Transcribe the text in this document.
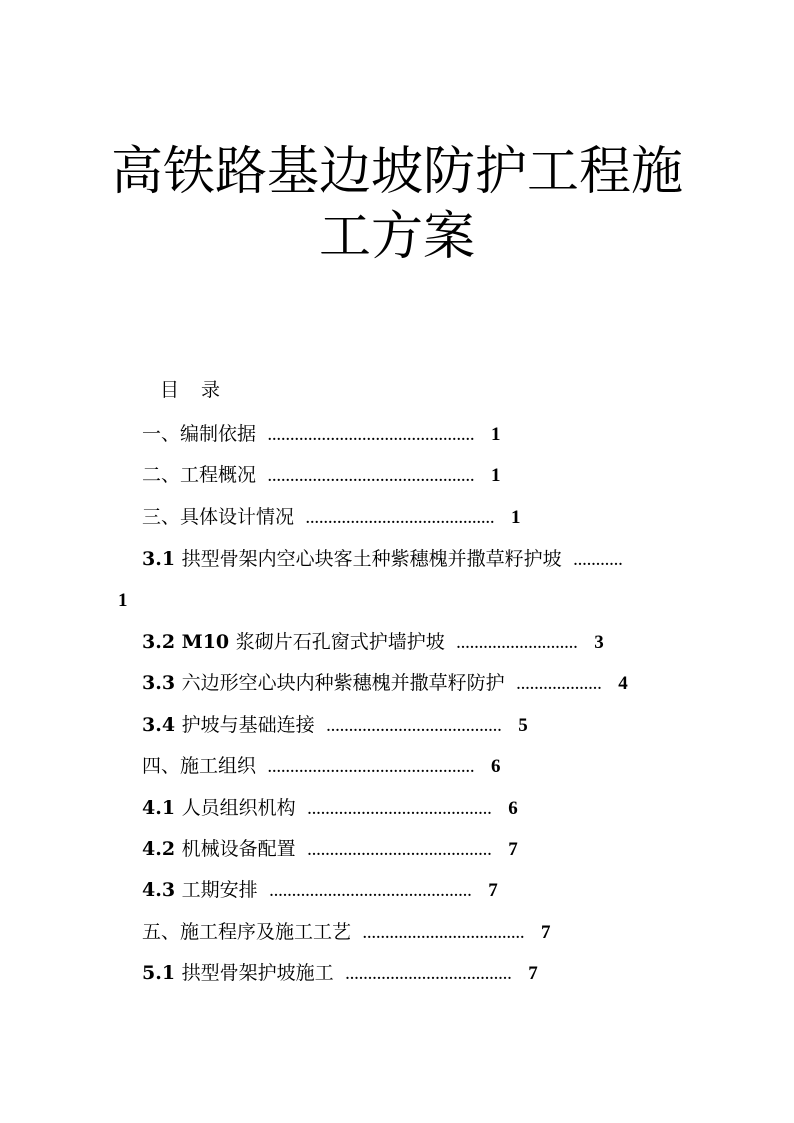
高铁路基边坡防护工程施
工方案
目 录
一、编制依据 .............................................. 1
二、工程概况 .............................................. 1
三、具体设计情况 .......................................... 1
3.1 拱型骨架内空心块客土种紫穗槐并撒草籽护坡 ...........
1
3.2 M10 浆砌片石孔窗式护墙护坡 ........................... 3
3.3 六边形空心块内种紫穗槐并撒草籽防护 ................... 4
3.4 护坡与基础连接 ....................................... 5
四、施工组织 .............................................. 6
4.1 人员组织机构 ......................................... 6
4.2 机械设备配置 ......................................... 7
4.3 工期安排 ............................................. 7
五、施工程序及施工工艺 .................................... 7
5.1 拱型骨架护坡施工 ..................................... 7
